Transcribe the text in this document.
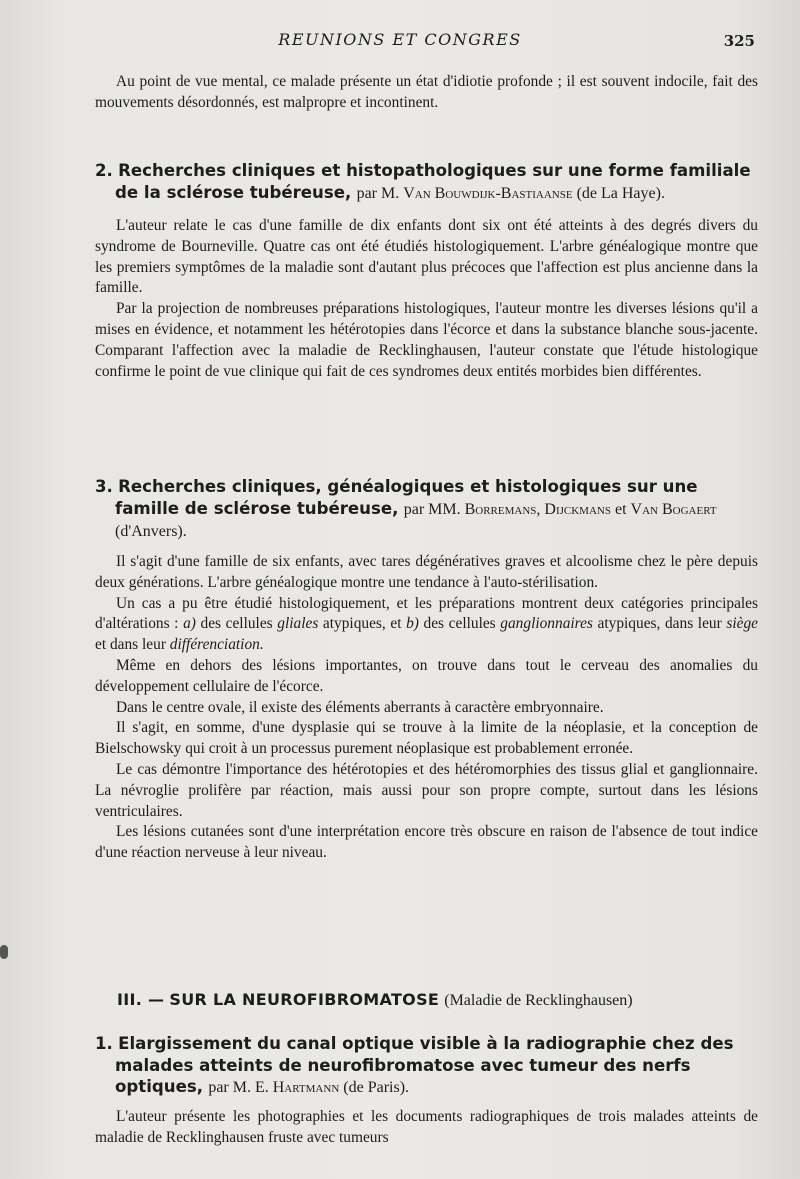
REUNIONS ET CONGRES	325

Au point de vue mental, ce malade présente un état d'idiotie profonde ; il est souvent indocile, fait des mouvements désordonnés, est malpropre et incontinent.

2. Recherches cliniques et histopathologiques sur une forme familiale de la sclérose tubéreuse, par M. Van Bouwdijk-Bastiaanse (de La Haye).

L'auteur relate le cas d'une famille de dix enfants dont six ont été atteints à des degrés divers du syndrome de Bourneville. Quatre cas ont été étudiés histologiquement. L'arbre généalogique montre que les premiers symptômes de la maladie sont d'autant plus précoces que l'affection est plus ancienne dans la famille.

Par la projection de nombreuses préparations histologiques, l'auteur montre les diverses lésions qu'il a mises en évidence, et notamment les hétérotopies dans l'écorce et dans la substance blanche sous-jacente. Comparant l'affection avec la maladie de Recklinghausen, l'auteur constate que l'étude histologique confirme le point de vue clinique qui fait de ces syndromes deux entités morbides bien différentes.

3. Recherches cliniques, généalogiques et histologiques sur une famille de sclérose tubéreuse, par MM. Borremans, Dijckmans et Van Bogaert (d'Anvers).

Il s'agit d'une famille de six enfants, avec tares dégénératives graves et alcoolisme chez le père depuis deux générations. L'arbre généalogique montre une tendance à l'auto-stérilisation.

Un cas a pu être étudié histologiquement, et les préparations montrent deux catégories principales d'altérations : a) des cellules gliales atypiques, et b) des cellules ganglionnaires atypiques, dans leur siège et dans leur différenciation.

Même en dehors des lésions importantes, on trouve dans tout le cerveau des anomalies du développement cellulaire de l'écorce.

Dans le centre ovale, il existe des éléments aberrants à caractère embryonnaire.

Il s'agit, en somme, d'une dysplasie qui se trouve à la limite de la néoplasie, et la conception de Bielschowsky qui croit à un processus purement néoplasique est probablement erronée.

Le cas démontre l'importance des hétérotopies et des hétéromorphies des tissus glial et ganglionnaire. La névroglie prolifère par réaction, mais aussi pour son propre compte, surtout dans les lésions ventriculaires.

Les lésions cutanées sont d'une interprétation encore très obscure en raison de l'absence de tout indice d'une réaction nerveuse à leur niveau.

III. — SUR LA NEUROFIBROMATOSE (Maladie de Recklinghausen)
1. Elargissement du canal optique visible à la radiographie chez des malades atteints de neurofibromatose avec tumeur des nerfs optiques, par M. E. Hartmann (de Paris).

L'auteur présente les photographies et les documents radiographiques de trois malades atteints de maladie de Recklinghausen fruste avec tumeurs
